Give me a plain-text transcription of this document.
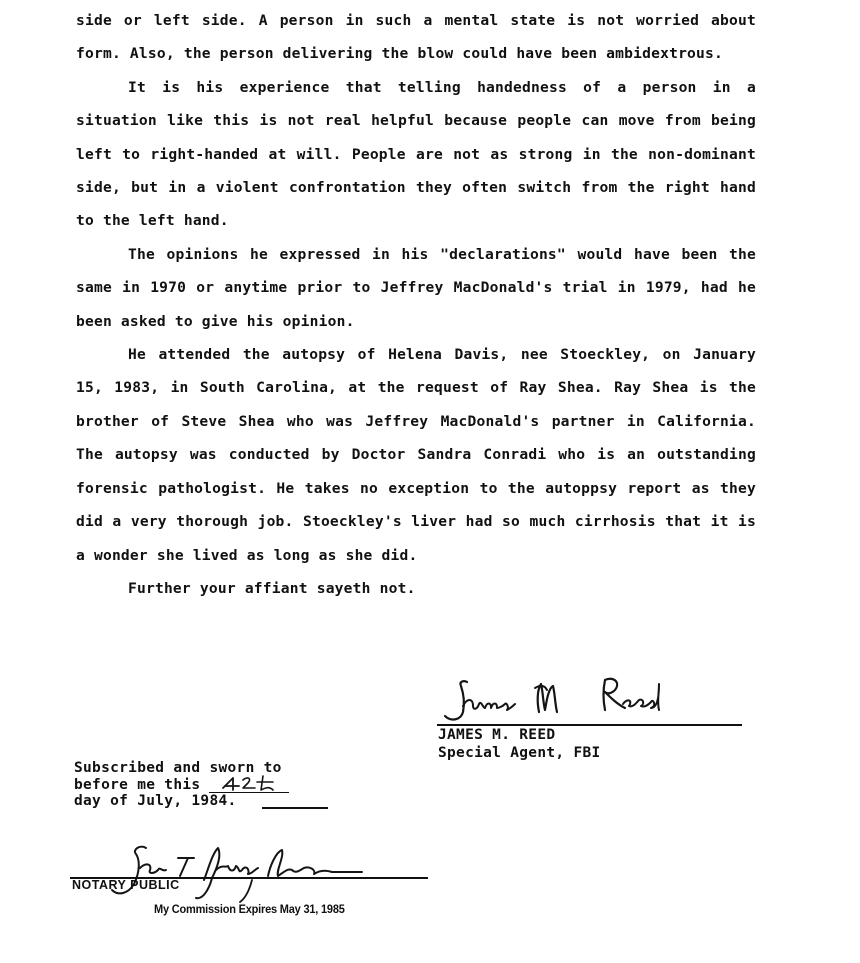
side or left side. A person in such a mental state is not worried about form. Also, the person delivering the blow could have been ambidextrous.

It is his experience that telling handedness of a person in a situation like this is not real helpful because people can move from being left to right-handed at will. People are not as strong in the non-dominant side, but in a violent confrontation they often switch from the right hand to the left hand.

The opinions he expressed in his "declarations" would have been the same in 1970 or anytime prior to Jeffrey MacDonald's trial in 1979, had he been asked to give his opinion.

He attended the autopsy of Helena Davis, nee Stoeckley, on January 15, 1983, in South Carolina, at the request of Ray Shea. Ray Shea is the brother of Steve Shea who was Jeffrey MacDonald's partner in California. The autopsy was conducted by Doctor Sandra Conradi who is an outstanding forensic pathologist. He takes no exception to the autoppsy report as they did a very thorough job. Stoeckley's liver had so much cirrhosis that it is a wonder she lived as long as she did.

Further your affiant sayeth not.

JAMES M. REED
Special Agent, FBI
Subscribed and sworn to
before me this
day of July, 1984.
NOTARY PUBLIC
My Commission Expires May 31, 1985
